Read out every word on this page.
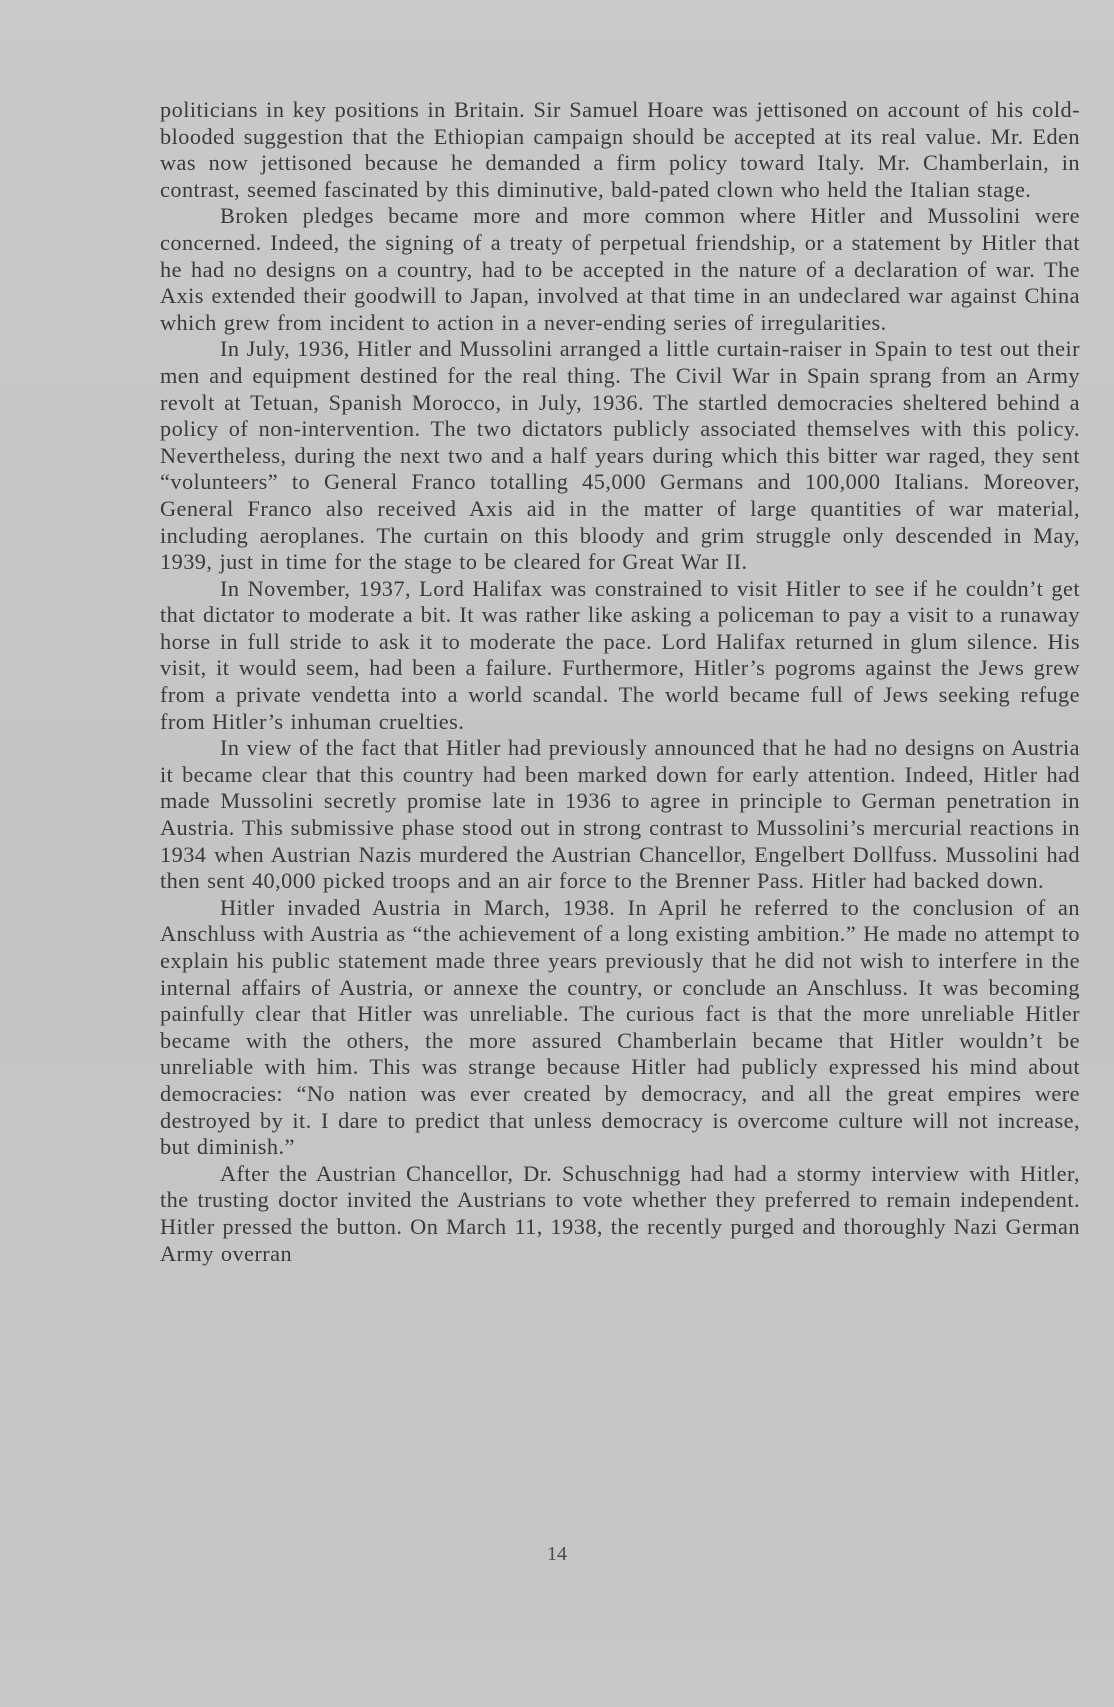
politicians in key positions in Britain. Sir Samuel Hoare was jettisoned on account of his cold-blooded suggestion that the Ethiopian campaign should be accepted at its real value. Mr. Eden was now jettisoned because he demanded a firm policy toward Italy. Mr. Chamberlain, in contrast, seemed fascinated by this diminutive, bald-pated clown who held the Italian stage.

Broken pledges became more and more common where Hitler and Mussolini were concerned. Indeed, the signing of a treaty of perpetual friendship, or a statement by Hitler that he had no designs on a country, had to be accepted in the nature of a declaration of war. The Axis extended their goodwill to Japan, involved at that time in an undeclared war against China which grew from incident to action in a never-ending series of irregularities.

In July, 1936, Hitler and Mussolini arranged a little curtain-raiser in Spain to test out their men and equipment destined for the real thing. The Civil War in Spain sprang from an Army revolt at Tetuan, Spanish Morocco, in July, 1936. The startled democracies sheltered behind a policy of non-intervention. The two dictators publicly associated themselves with this policy. Nevertheless, during the next two and a half years during which this bitter war raged, they sent “volunteers” to General Franco totalling 45,000 Germans and 100,000 Italians. Moreover, General Franco also received Axis aid in the matter of large quantities of war material, including aeroplanes. The curtain on this bloody and grim struggle only descended in May, 1939, just in time for the stage to be cleared for Great War II.

In November, 1937, Lord Halifax was constrained to visit Hitler to see if he couldn’t get that dictator to moderate a bit. It was rather like asking a policeman to pay a visit to a runaway horse in full stride to ask it to moderate the pace. Lord Halifax returned in glum silence. His visit, it would seem, had been a failure. Furthermore, Hitler’s pogroms against the Jews grew from a private vendetta into a world scandal. The world became full of Jews seeking refuge from Hitler’s inhuman cruelties.

In view of the fact that Hitler had previously announced that he had no designs on Austria it became clear that this country had been marked down for early attention. Indeed, Hitler had made Mussolini secretly promise late in 1936 to agree in principle to German penetration in Austria. This submissive phase stood out in strong contrast to Mussolini’s mercurial reactions in 1934 when Austrian Nazis murdered the Austrian Chancellor, Engelbert Dollfuss. Mussolini had then sent 40,000 picked troops and an air force to the Brenner Pass. Hitler had backed down.

Hitler invaded Austria in March, 1938. In April he referred to the conclusion of an Anschluss with Austria as “the achievement of a long existing ambition.” He made no attempt to explain his public statement made three years previously that he did not wish to interfere in the internal affairs of Austria, or annexe the country, or conclude an Anschluss. It was becoming painfully clear that Hitler was unreliable. The curious fact is that the more unreliable Hitler became with the others, the more assured Chamberlain became that Hitler wouldn’t be unreliable with him. This was strange because Hitler had publicly expressed his mind about democracies: “No nation was ever created by democracy, and all the great empires were destroyed by it. I dare to predict that unless democracy is overcome culture will not increase, but diminish.”

After the Austrian Chancellor, Dr. Schuschnigg had had a stormy interview with Hitler, the trusting doctor invited the Austrians to vote whether they preferred to remain independent. Hitler pressed the button. On March 11, 1938, the recently purged and thoroughly Nazi German Army overran

14
